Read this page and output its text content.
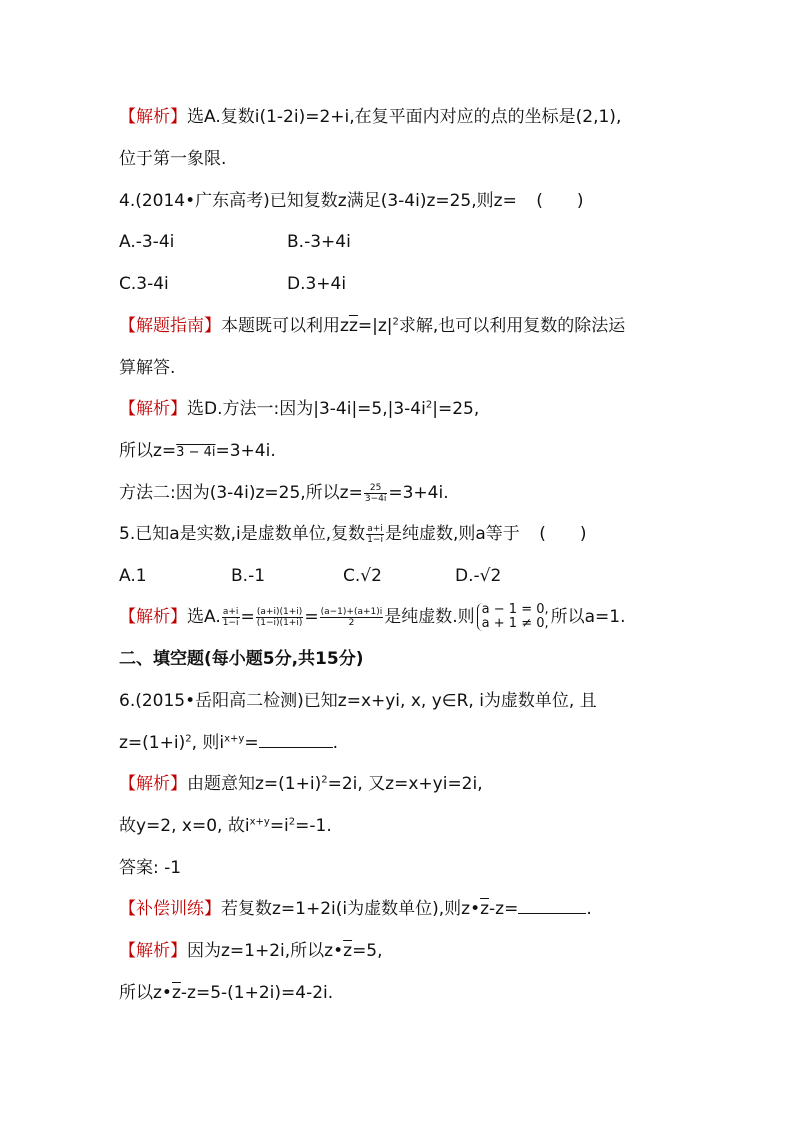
【解析】选A.复数i(1-2i)=2+i,在复平面内对应的点的坐标是(2,1),
位于第一象限.
4.(2014•广东高考)已知复数z满足(3-4i)z=25,则z= (　　)
A.-3-4i	B.-3+4i
C.3-4i	D.3+4i
【解题指南】本题既可以利用$z\overline{z}=|z|^2$求解,也可以利用复数的除法运
算解答.
【解析】选D.方法一:因为$|3-4i|=5,|3-4i^2|=25$,
所以z=3 − 4i=3+4i.
方法二:因为(3-4i)z=25,所以$z= \frac{25}{3-4i} =3+4i$.
5.已知a是实数,i是虚数单位,复数 $\frac{a+i}{1-i}$ 是纯虚数,则a等于 (　　)
A.1	B.-1	C.√2	D.-√2
【解析】选A. $\frac{a+i}{1-i} = \frac{(a+i)(1+i)}{(1-i)(1+i)} = \frac{(a-1)+(a+1)i}{2}$ 是纯虚数.则 a − 1 = 0,
a + 1 ≠ 0, 所以a=1.
二、填空题(每小题5分,共15分)
6.(2015•岳阳高二检测)已知z=x+yi, x, y∈R, i为虚数单位, 且
$z=(1+i)^2$, 则$i^{x+y}=$	.
【解析】由题意知$z=(1+i)^2=2i$, 又z=x+yi=2i,
故y=2, x=0, 故$i^{x+y}=i^2=-1$.
答案: -1
【补偿训练】若复数z=1+2i(i为虚数单位),则$z•\overline{z}-z=$	.
【解析】因为z=1+2i,所以$z•\overline{z}=5$,
所以$z•\overline{z}-z=5-(1+2i)=4-2i$.
